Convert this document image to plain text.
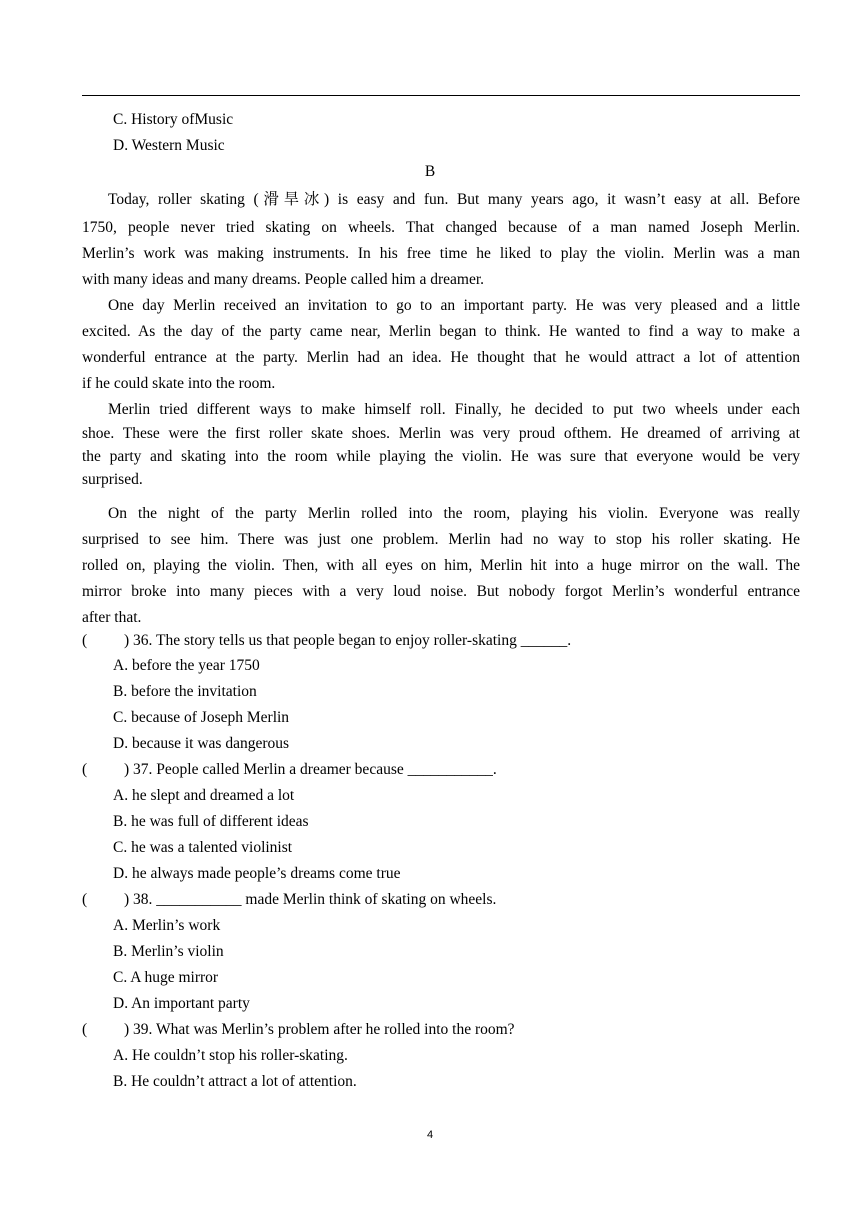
C. History ofMusic
D. Western Music
B
Today, roller skating (滑旱冰) is easy and fun. But many years ago, it wasn’t easy at all. Before
1750, people never tried skating on wheels. That changed because of a man named Joseph Merlin.
Merlin’s work was making instruments. In his free time he liked to play the violin. Merlin was a man
with many ideas and many dreams. People called him a dreamer.
One day Merlin received an invitation to go to an important party. He was very pleased and a little
excited. As the day of the party came near, Merlin began to think. He wanted to find a way to make a
wonderful entrance at the party. Merlin had an idea. He thought that he would attract a lot of attention
if he could skate into the room.
Merlin tried different ways to make himself roll. Finally, he decided to put two wheels under each
shoe. These were the first roller skate shoes. Merlin was very proud ofthem. He dreamed of arriving at
the party and skating into the room while playing the violin. He was sure that everyone would be very
surprised.
On the night of the party Merlin rolled into the room, playing his violin. Everyone was really
surprised to see him. There was just one problem. Merlin had no way to stop his roller skating. He
rolled on, playing the violin. Then, with all eyes on him, Merlin hit into a huge mirror on the wall. The
mirror broke into many pieces with a very loud noise. But nobody forgot Merlin’s wonderful entrance
after that.
( ) 36. The story tells us that people began to enjoy roller-skating ______.
A. before the year 1750
B. before the invitation
C. because of Joseph Merlin
D. because it was dangerous
( ) 37. People called Merlin a dreamer because ___________.
A. he slept and dreamed a lot
B. he was full of different ideas
C. he was a talented violinist
D. he always made people’s dreams come true
( ) 38. ___________ made Merlin think of skating on wheels.
A. Merlin’s work
B. Merlin’s violin
C. A huge mirror
D. An important party
( ) 39. What was Merlin’s problem after he rolled into the room?
A. He couldn’t stop his roller-skating.
B. He couldn’t attract a lot of attention.
4
